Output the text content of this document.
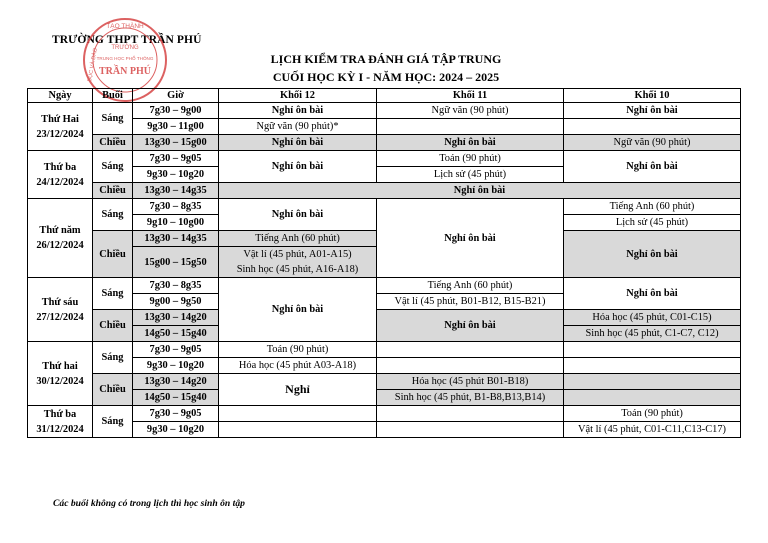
TRƯỜNG THPT TRẦN PHÚ
TẠO THÀNH
TRƯỜNG
TRUNG HỌC PHỔ THÔNG
TRẦN PHÚ
DỤC VÀ ĐÀO	LỊCH KIỂM TRA ĐÁNH GIÁ TẬP TRUNG
CUỐI HỌC KỲ I - NĂM HỌC: 2024 – 2025
Ngày	Buổi	Giờ	Khối 12	Khối 11	Khối 10
Thứ Hai
23/12/2024	Sáng	7g30 – 9g00	Nghỉ ôn bài	Ngữ văn (90 phút)	Nghỉ ôn bài
		9g30 – 11g00	Ngữ văn (90 phút)*		
	Chiều	13g30 – 15g00	Nghỉ ôn bài	Nghỉ ôn bài	Ngữ văn (90 phút)
Thứ ba
24/12/2024	Sáng	7g30 – 9g05	Nghỉ ôn bài	Toán (90 phút)	Nghỉ ôn bài
		9g30 – 10g20		Lịch sử (45 phút)	
	Chiều	13g30 – 14g35	Nghỉ ôn bài		
Thứ năm
26/12/2024	Sáng	7g30 – 8g35	Nghỉ ôn bài	Nghỉ ôn bài	Tiếng Anh (60 phút)
		9g10 – 10g00			Lịch sử (45 phút)
	Chiều	13g30 – 14g35	Tiếng Anh (60 phút)		Nghỉ ôn bài
		15g00 – 15g50	Vật lí (45 phút, A01-A15)		
			Sinh học (45 phút, A16-A18)		
Thứ sáu
27/12/2024	Sáng	7g30 – 8g35	Nghỉ ôn bài	Tiếng Anh (60 phút)	Nghỉ ôn bài
		9g00 – 9g50		Vật lí (45 phút, B01-B12, B15-B21)	
	Chiều	13g30 – 14g20		Nghỉ ôn bài	Hóa học (45 phút, C01-C15)
		14g50 – 15g40			Sinh học (45 phút, C1-C7, C12)
Thứ hai
30/12/2024	Sáng	7g30 – 9g05	Toán (90 phút)		
		9g30 – 10g20	Hóa học (45 phút A03-A18)		
	Chiều	13g30 – 14g20	Nghỉ	Hóa học (45 phút B01-B18)	
		14g50 – 15g40		Sinh học (45 phút, B1-B8,B13,B14)	
Thứ ba
31/12/2024	Sáng	7g30 – 9g05			Toán (90 phút)
		9g30 – 10g20			Vật lí (45 phút, C01-C11,C13-C17)
Các buổi không có trong lịch thì học sinh ôn tập
